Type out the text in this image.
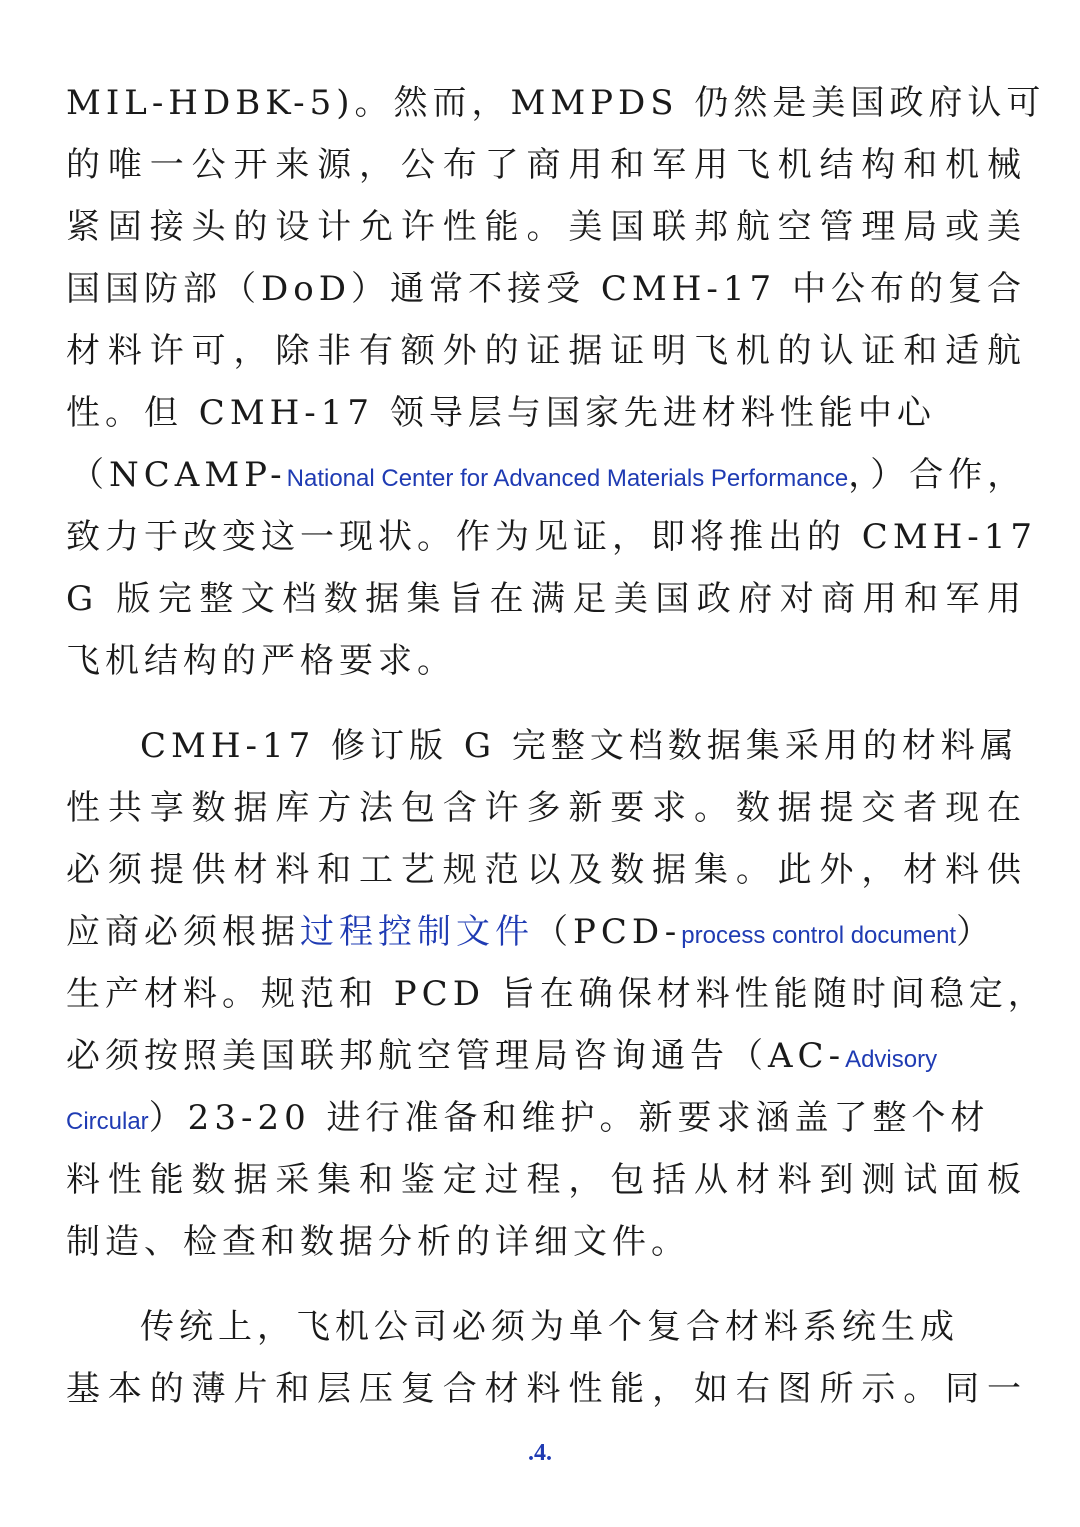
MIL-HDBK-5)。然而，MMPDS 仍然是美国政府认可
的唯一公开来源，公布了商用和军用飞机结构和机械
紧固接头的设计允许性能。美国联邦航空管理局或美
国国防部（DoD）通常不接受 CMH-17 中公布的复合
材料许可，除非有额外的证据证明飞机的认证和适航
性。但 CMH-17 领导层与国家先进材料性能中心
（NCAMP-National Center for Advanced Materials Performance，）合作，
致力于改变这一现状。作为见证，即将推出的 CMH-17
G 版完整文档数据集旨在满足美国政府对商用和军用
飞机结构的严格要求。
CMH-17 修订版 G 完整文档数据集采用的材料属
性共享数据库方法包含许多新要求。数据提交者现在
必须提供材料和工艺规范以及数据集。此外，材料供
应商必须根据过程控制文件（PCD-process control document）
生产材料。规范和 PCD 旨在确保材料性能随时间稳定，
必须按照美国联邦航空管理局咨询通告（AC-Advisory
Circular）23-20 进行准备和维护。新要求涵盖了整个材
料性能数据采集和鉴定过程，包括从材料到测试面板
制造、检查和数据分析的详细文件。
传统上，飞机公司必须为单个复合材料系统生成
基本的薄片和层压复合材料性能，如右图所示。同一
.4.
